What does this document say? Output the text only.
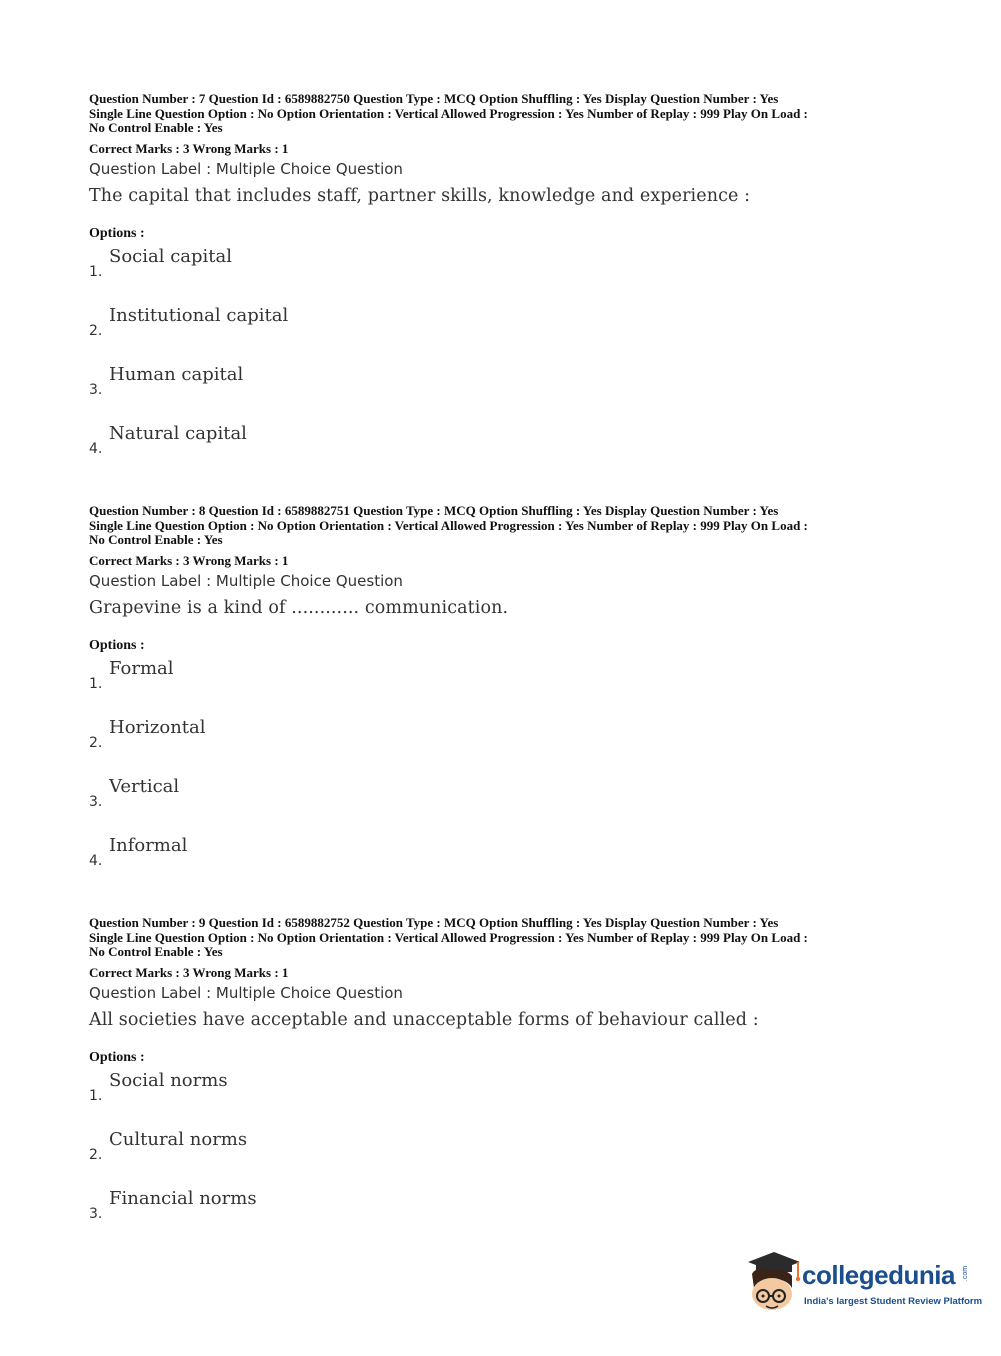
Question Number : 7 Question Id : 6589882750 Question Type : MCQ Option Shuffling : Yes Display Question Number : Yes
Single Line Question Option : No Option Orientation : Vertical Allowed Progression : Yes Number of Replay : 999 Play On Load :
No Control Enable : Yes
Correct Marks : 3 Wrong Marks : 1
Question Label : Multiple Choice Question
The capital that includes staff, partner skills, knowledge and experience :
Options :
1.
Social capital
2.
Institutional capital
3.
Human capital
4.
Natural capital
Question Number : 8 Question Id : 6589882751 Question Type : MCQ Option Shuffling : Yes Display Question Number : Yes
Single Line Question Option : No Option Orientation : Vertical Allowed Progression : Yes Number of Replay : 999 Play On Load :
No Control Enable : Yes
Correct Marks : 3 Wrong Marks : 1
Question Label : Multiple Choice Question
Grapevine is a kind of ............ communication.
Options :
1.
Formal
2.
Horizontal
3.
Vertical
4.
Informal
Question Number : 9 Question Id : 6589882752 Question Type : MCQ Option Shuffling : Yes Display Question Number : Yes
Single Line Question Option : No Option Orientation : Vertical Allowed Progression : Yes Number of Replay : 999 Play On Load :
No Control Enable : Yes
Correct Marks : 3 Wrong Marks : 1
Question Label : Multiple Choice Question
All societies have acceptable and unacceptable forms of behaviour called :
Options :
1.
Social norms
2.
Cultural norms
3.
Financial norms
collegedunia .com
India's largest Student Review Platform
